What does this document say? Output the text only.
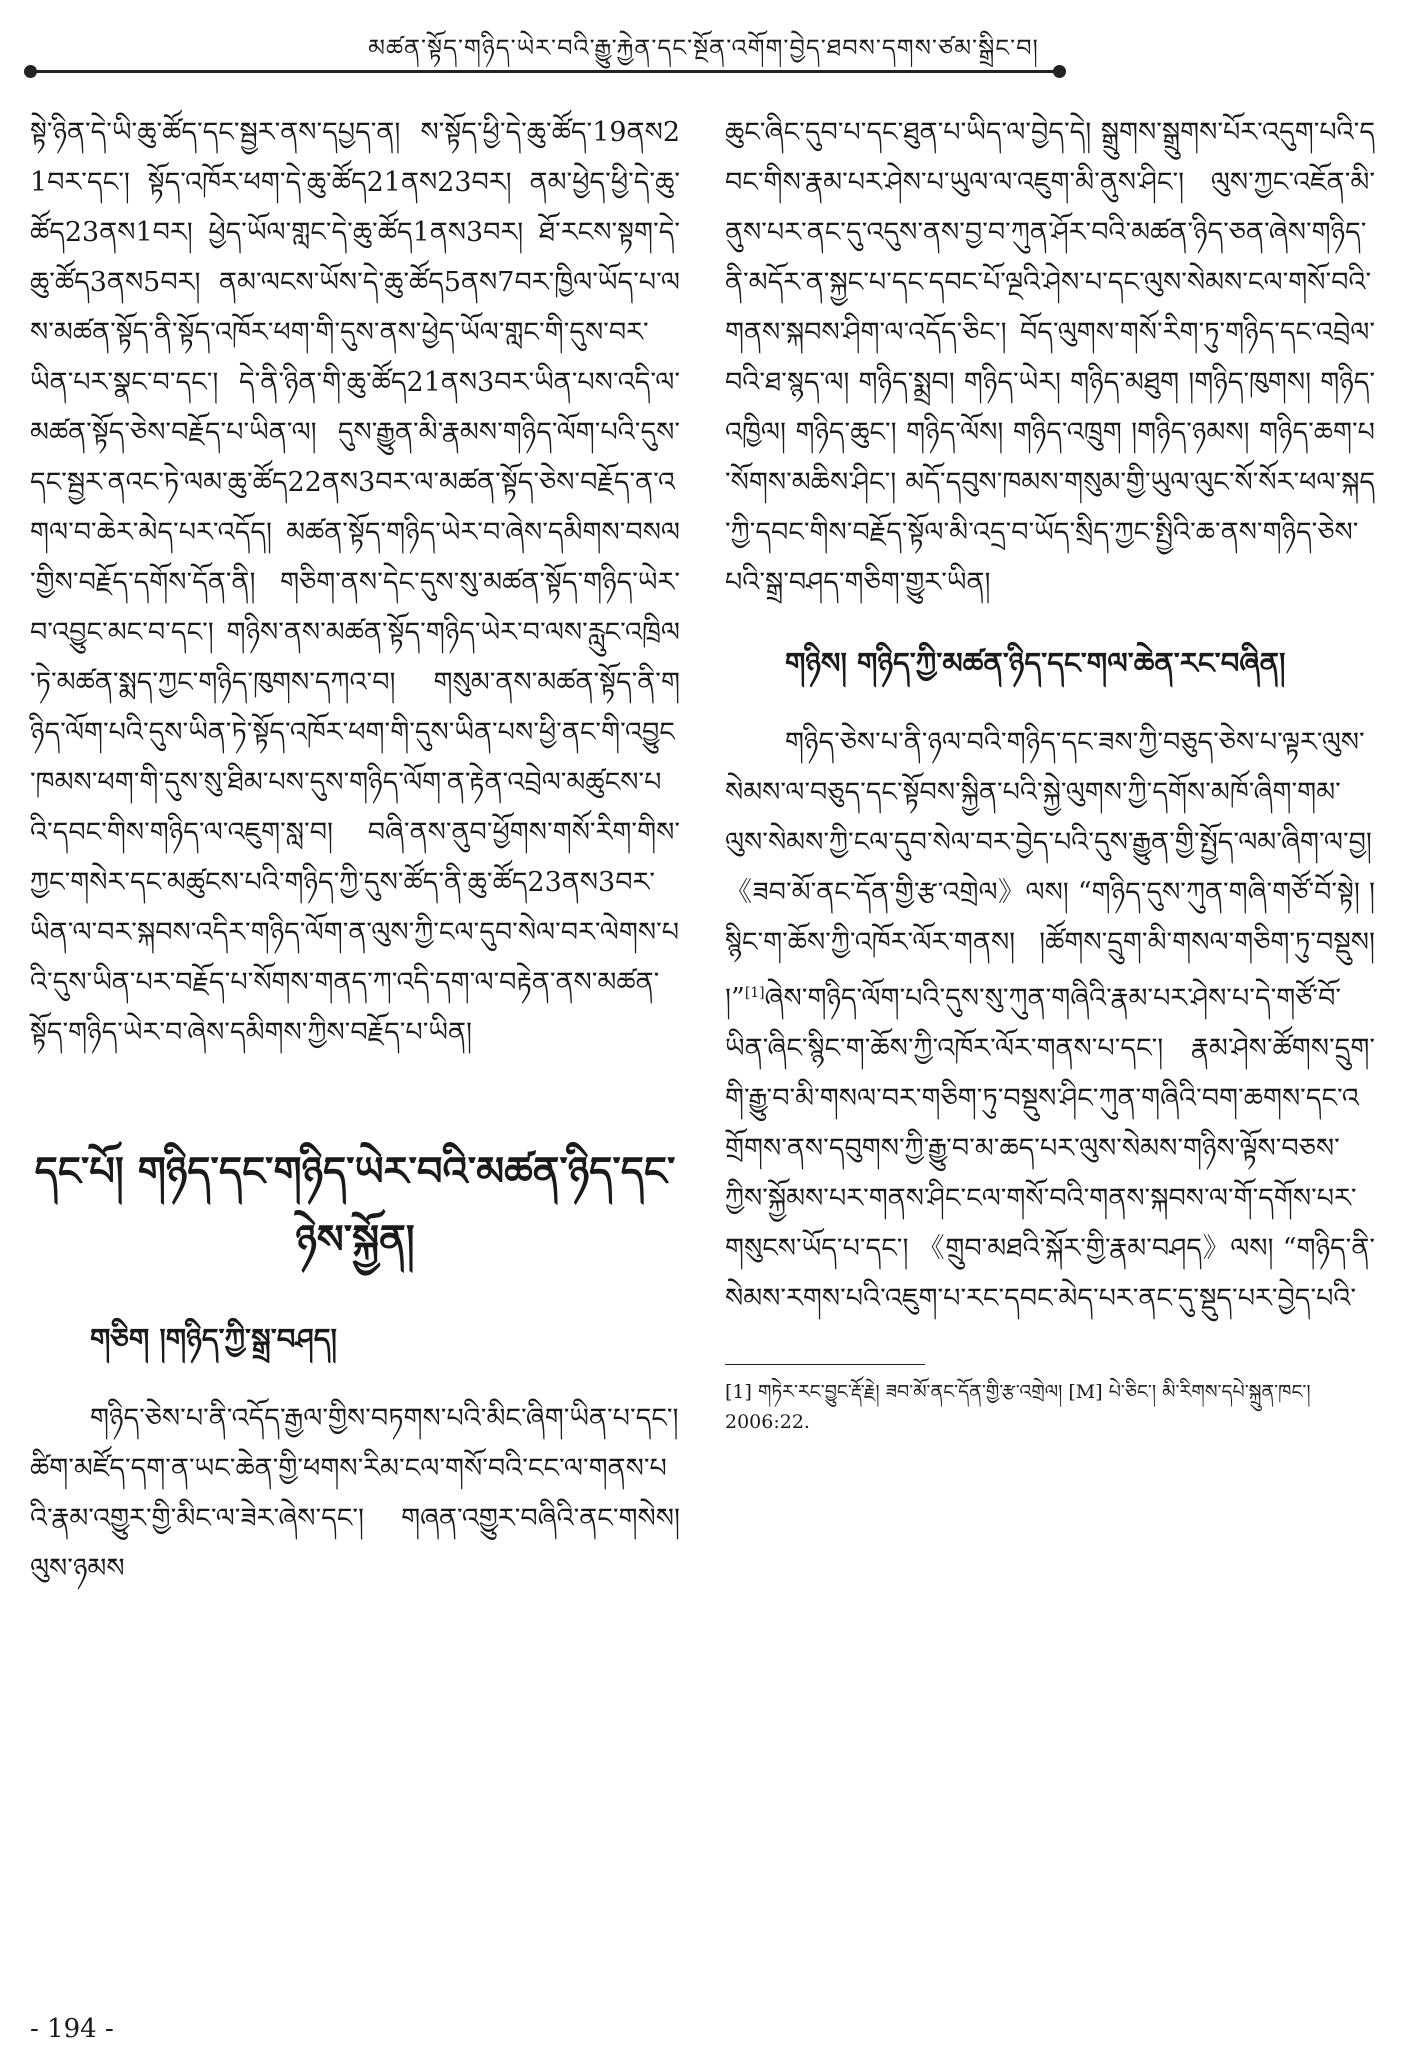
མཚན་སྟོད་གཉིད་ཡེར་བའི་རྒྱུ་རྐྱེན་དང་སྔོན་འགོག་བྱེད་ཐབས་དགས་ཙམ་སྒྲིང་བ།

སྟེ་ཉིན་དེ་ཡི་ཆུ་ཚོད་དང་སྦྱར་ནས་དཔྱད་ན། ས་སྟོད་ཕྱི་དེ་ཆུ་ཚོད་19ནས21བར་དང་། སྟོད་འཁོར་ཕག་དེ་ཆུ་ཚོད21ནས23བར། ནམ་ཕྱེད་ཕྱི་དེ་ཆུ་ཚོད23ནས1བར། ཕྱེད་ཡོལ་གླང་དེ་ཆུ་ཚོད1ནས3བར། ཐོ་རངས་སྟག་དེ་ཆུ་ཚོད3ནས5བར། ནམ་ལངས་ཡོས་དེ་ཆུ་ཚོད5ནས7བར་ཁྱིལ་ཡོད་པ་ལས་མཚན་སྟོད་ནི་སྟོད་འཁོར་ཕག་གི་དུས་ནས་ཕྱེད་ཡོལ་གླང་གི་དུས་བར་ཡིན་པར་སྣང་བ་དང་། དེ་ནི་ཉིན་གི་ཆུ་ཚོད21ནས3བར་ཡིན་པས་འདི་ལ་མཚན་སྟོད་ཅེས་བརྗོད་པ་ཡིན་ལ། དུས་རྒྱུན་མི་རྣམས་གཉིད་ལོག་པའི་དུས་དང་སྦྱར་ནའང་ཏེ་ལམ་ཆུ་ཚོད22ནས3བར་ལ་མཚན་སྟོད་ཅེས་བརྗོད་ན་འགལ་བ་ཆེར་མེད་པར་འདོད། མཚན་སྟོད་གཉིད་ཡེར་བ་ཞེས་དམིགས་བསལ་གྱིས་བརྗོད་དགོས་དོན་ནི། གཅིག་ནས་དེང་དུས་སུ་མཚན་སྟོད་གཉིད་ཡེར་བ་འབྱུང་མང་བ་དང་། གཉིས་ནས་མཚན་སྟོད་གཉིད་ཡེར་བ་ལས་རླུང་འཁྲིལ་ཏེ་མཚན་སྨད་ཀྱང་གཉིད་ཁུགས་དཀའ་བ། གསུམ་ནས་མཚན་སྟོད་ནི་གཉིད་ལོག་པའི་དུས་ཡིན་ཏེ་སྟོད་འཁོར་ཕག་གི་དུས་ཡིན་པས་ཕྱི་ནང་གི་འབྱུང་ཁམས་ཕག་གི་དུས་སུ་ཐིམ་པས་དུས་གཉིད་ལོག་ན་རྟེན་འབྲེལ་མཚུངས་པའི་དབང་གིས་གཉིད་ལ་འཇུག་སླ་བ། བཞི་ནས་ནུབ་ཕྱོགས་གསོ་རིག་གིས་ཀྱང་གསེར་དང་མཚུངས་པའི་གཉིད་ཀྱི་དུས་ཚོད་ནི་ཆུ་ཚོད23ནས3བར་ཡིན་ལ་བར་སྐབས་འདིར་གཉིད་ལོག་ན་ལུས་ཀྱི་ངལ་དུབ་སེལ་བར་ལེགས་པའི་དུས་ཡིན་པར་བརྗོད་པ་སོགས་གནད་ཀ་འདི་དག་ལ་བརྟེན་ནས་མཚན་སྟོད་གཉིད་ཡེར་བ་ཞེས་དམིགས་ཀྱིས་བརྗོད་པ་ཡིན།

དང་པོ། གཉིད་དང་གཉིད་ཡེར་བའི་མཚན་ཉིད་དང་ཉེས་སྐྱོན།
གཅིག །གཉིད་ཀྱི་སྒྲ་བཤད།

གཉིད་ཅེས་པ་ནི་འདོད་རྒྱལ་གྱིས་བཏགས་པའི་མིང་ཞིག་ཡིན་པ་དང་། ཚིག་མཛོད་དག་ན་ཡང་ཆེན་གྱི་ཕགས་རིམ་ངལ་གསོ་བའི་ངང་ལ་གནས་པའི་རྣམ་འགྱུར་གྱི་མིང་ལ་ཟེར་ཞེས་དང་། གཞན་འགྱུར་བཞིའི་ནང་གསེས། ལུས་ཉམས

ཆུང་ཞིང་དུབ་པ་དང་ཐུན་པ་ཡིད་ལ་བྱེད་དེ། སྒྲུགས་སྒྲུགས་པོར་འདུག་པའི་དབང་གིས་རྣམ་པར་ཤེས་པ་ཡུལ་ལ་འཇུག་མི་ནུས་ཤིང་། ལུས་ཀྱང་འཇོན་མི་ནུས་པར་ནང་དུ་འདུས་ནས་བྱ་བ་ཀུན་ཤོར་བའི་མཚན་ཉིད་ཅན་ཞེས་གཉིད་ནི་མདོར་ན་སྐྱང་པ་དང་དབང་པོ་ལྔའི་ཤེས་པ་དང་ལུས་སེམས་ངལ་གསོ་བའི་གནས་སྐབས་ཤིག་ལ་འདོད་ཅིང་། བོད་ལུགས་གསོ་རིག་ཏུ་གཉིད་དང་འབྲེལ་བའི་ཐ་སྙད་ལ། གཉིད་སྨྲབ། གཉིད་ཡེར། གཉིད་མཐུག །གཉིད་ཁུགས། གཉིད་འཁྱིལ། གཉིད་ཆུང་། གཉིད་ལོས། གཉིད་འཁྲུག །གཉིད་ཉམས། གཉིད་ཆག་པ་སོགས་མཆིས་ཤིང་། མདོ་དབུས་ཁམས་གསུམ་གྱི་ཡུལ་ལུང་སོ་སོར་ཕལ་སྐད་ཀྱི་དབང་གིས་བརྗོད་སྟོལ་མི་འདྲ་བ་ཡོད་སྲིད་ཀྱང་སྤྱིའི་ཆ་ནས་གཉིད་ཅེས་པའི་སྒྲ་བཤད་གཅིག་གྱུར་ཡིན།

གཉིས། གཉིད་ཀྱི་མཚན་ཉིད་དང་གལ་ཆེན་རང་བཞིན།

གཉིད་ཅེས་པ་ནི་ཉལ་བའི་གཉིད་དང་ཟས་ཀྱི་བཅུད་ཅེས་པ་ལྟར་ལུས་སེམས་ལ་བཅུད་དང་སྟོབས་སྐྱིན་པའི་སྐྱེ་ལུགས་ཀྱི་དགོས་མཁོ་ཞིག་གམ་ལུས་སེམས་ཀྱི་ངལ་དུབ་སེལ་བར་བྱེད་པའི་དུས་རྒྱུན་གྱི་སྤྱོད་ལམ་ཞིག་ལ་བྱ། 《ཟབ་མོ་ནང་དོན་གྱི་རྩ་འགྲེལ》ལས། “གཉིད་དུས་ཀུན་གཞི་གཙོ་བོ་སྟེ། །སྙིང་ག་ཆོས་ཀྱི་འཁོར་ལོར་གནས། །ཚོགས་དྲུག་མི་གསལ་གཅིག་ཏུ་བསྡུས། །”[1]ཞེས་གཉིད་ལོག་པའི་དུས་སུ་ཀུན་གཞིའི་རྣམ་པར་ཤེས་པ་དེ་གཙོ་བོ་ཡིན་ཞིང་སྙིང་ག་ཆོས་ཀྱི་འཁོར་ལོར་གནས་པ་དང་། རྣམ་ཤེས་ཚོགས་དྲུག་གི་རྒྱུ་བ་མི་གསལ་བར་གཅིག་ཏུ་བསྡུས་ཤིང་ཀུན་གཞིའི་བག་ཆགས་དང་འགྲོགས་ནས་དབུགས་ཀྱི་རྒྱུ་བ་མ་ཆད་པར་ལུས་སེམས་གཉིས་ལྟོས་བཅས་ཀྱིས་སྐྱོམས་པར་གནས་ཤིང་ངལ་གསོ་བའི་གནས་སྐབས་ལ་གོ་དགོས་པར་གསུངས་ཡོད་པ་དང་། 《གྲུབ་མཐའི་སྐོར་གྱི་རྣམ་བཤད》ལས། “གཉིད་ནི་སེམས་རགས་པའི་འཇུག་པ་རང་དབང་མེད་པར་ནང་དུ་སྡུད་པར་བྱེད་པའི་

[1] གཏེར་རང་བྱུང་རྡོ་རྗེ། ཟབ་མོ་ནང་དོན་གྱི་རྩ་འགྲེལ། [M] པེ་ཅིང་། མི་རིགས་དཔེ་སྐྲུན་ཁང་། 2006:22.
- 194 -
